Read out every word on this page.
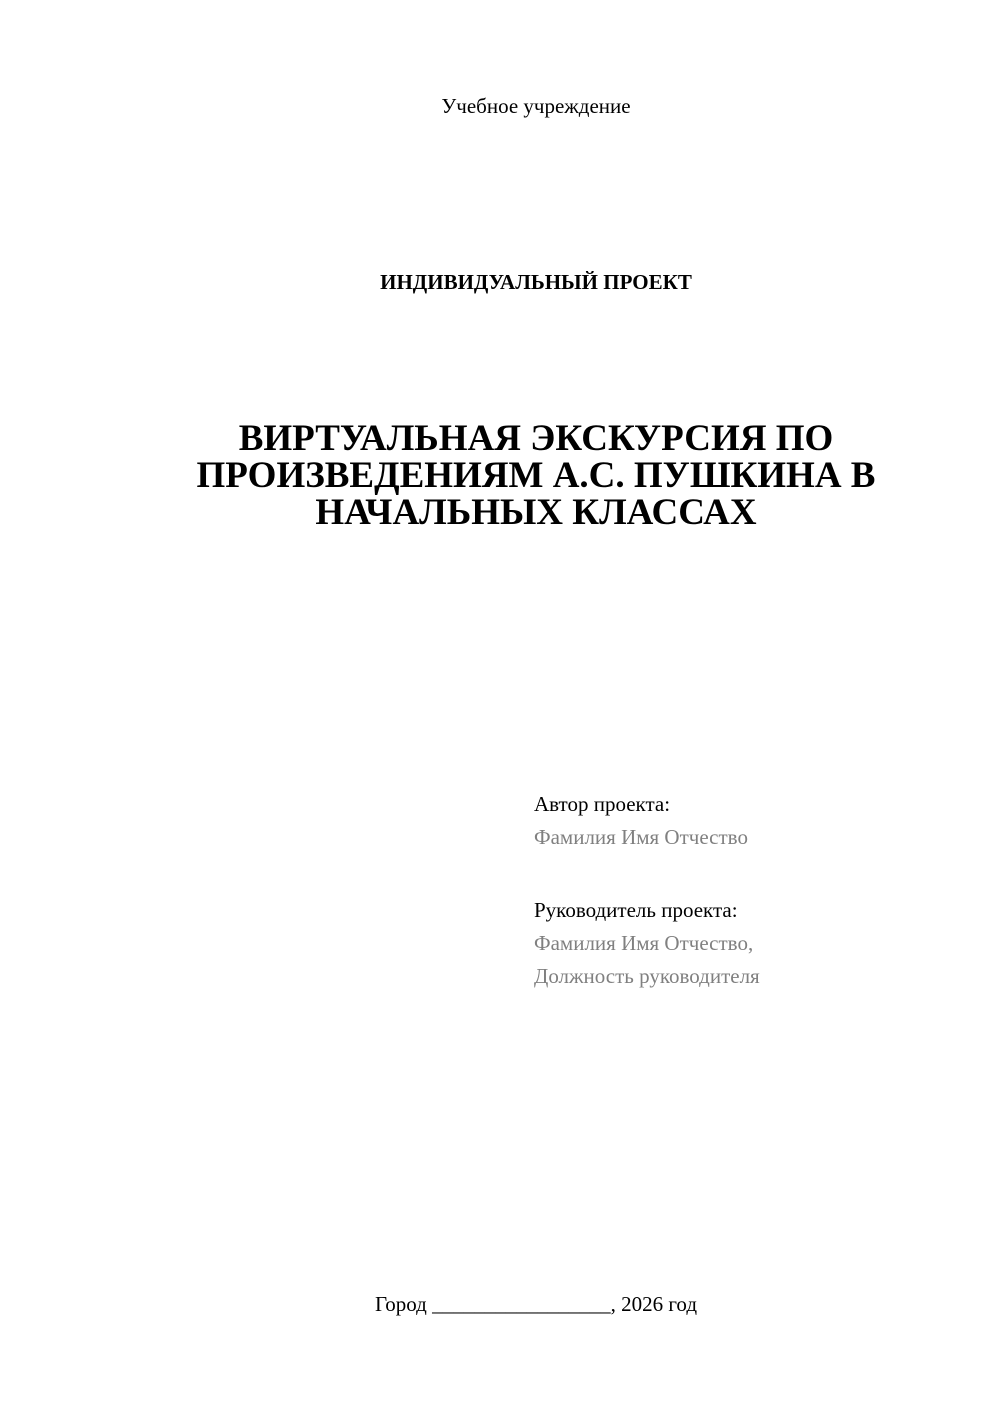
Учебное учреждение
ИНДИВИДУАЛЬНЫЙ ПРОЕКТ
ВИРТУАЛЬНАЯ ЭКСКУРСИЯ ПО
ПРОИЗВЕДЕНИЯМ А.С. ПУШКИНА В
НАЧАЛЬНЫХ КЛАССАХ
Автор проекта:
Фамилия Имя Отчество
Руководитель проекта:
Фамилия Имя Отчество,
Должность руководителя
Город _________________, 2026 год
